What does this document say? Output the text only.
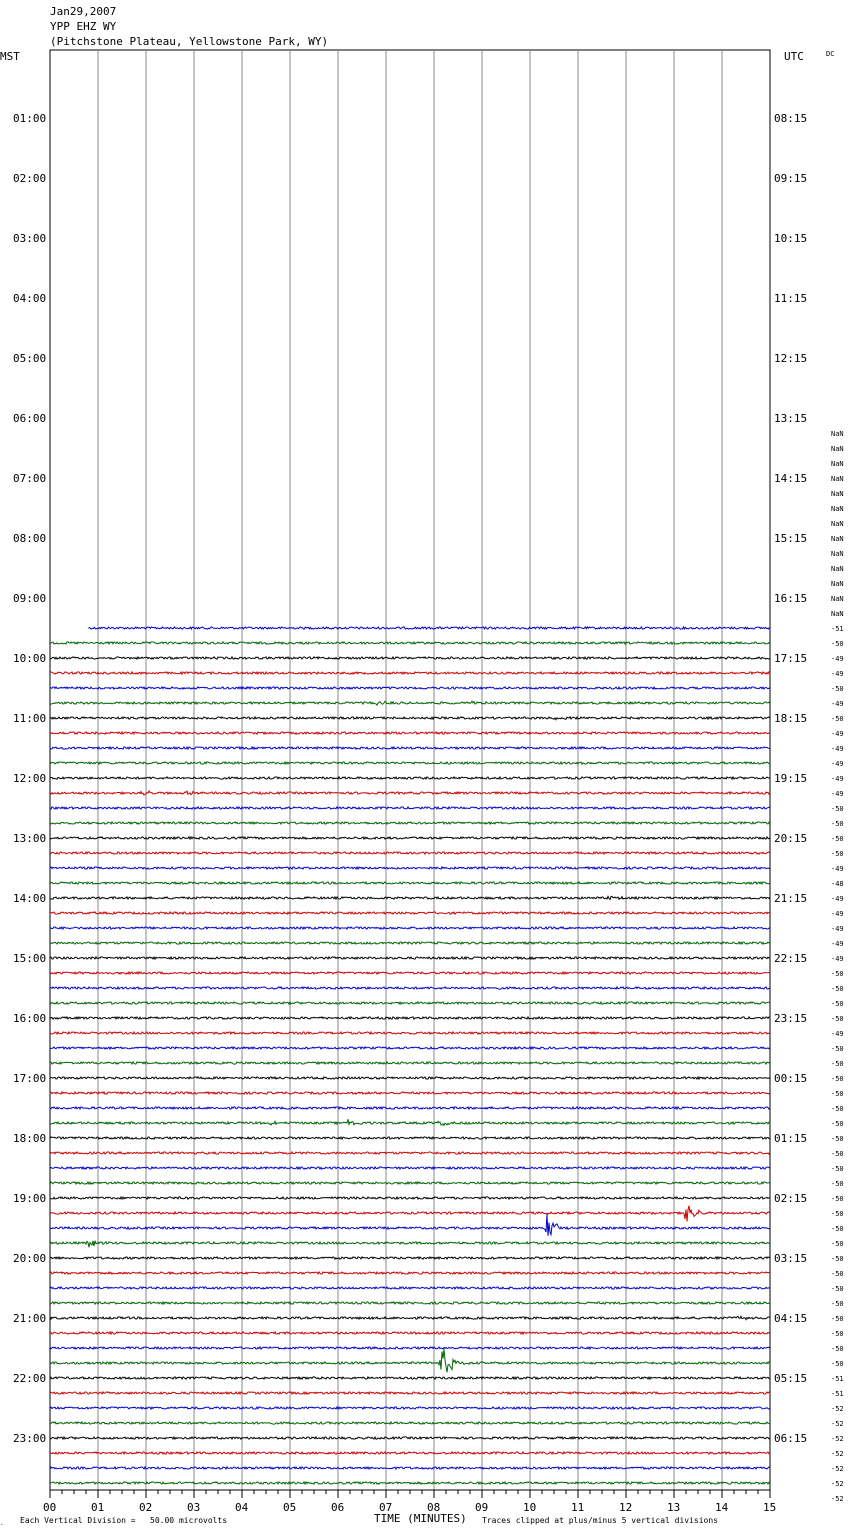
Jan29,2007
YPP EHZ WY
(Pitchstone Plateau, Yellowstone Park, WY)
MST	UTC	DC
01:00
02:00
03:00
04:00
05:00
06:00
07:00
08:00
09:00
10:00
11:00
12:00
13:00
14:00
15:00
16:00
17:00
18:00
19:00
20:00
21:00
22:00
23:00
08:15
09:15
10:15
11:15
12:15
13:15
14:15
15:15
16:15
17:15
18:15
19:15
20:15
21:15
22:15
23:15
00:15
01:15
02:15
03:15
04:15
05:15
06:15
NaN
NaN
NaN
NaN
NaN
NaN
NaN
NaN
NaN
NaN
NaN
NaN
NaN
-51
-50
-49
-49
-50
-49
-50
-49
-49
-49
-49
-49
-50
-50
-50
-50
-49
-48
-49
-49
-49
-49
-49
-50
-50
-50
-50
-49
-50
-50
-50
-50
-50
-50
-50
-50
-50
-50
-50
-50
-50
-50
-50
-50
-50
-50
-50
-50
-50
-50
-51
-51
-52
-52
-52
-52
-52
-52
-52
00	01	02	03	04	05	06	07	08	09	10	11	12	13	14	15
. Each Vertical Division =   50.00 microvolts	TIME (MINUTES) Traces clipped at plus/minus 5 vertical divisions
